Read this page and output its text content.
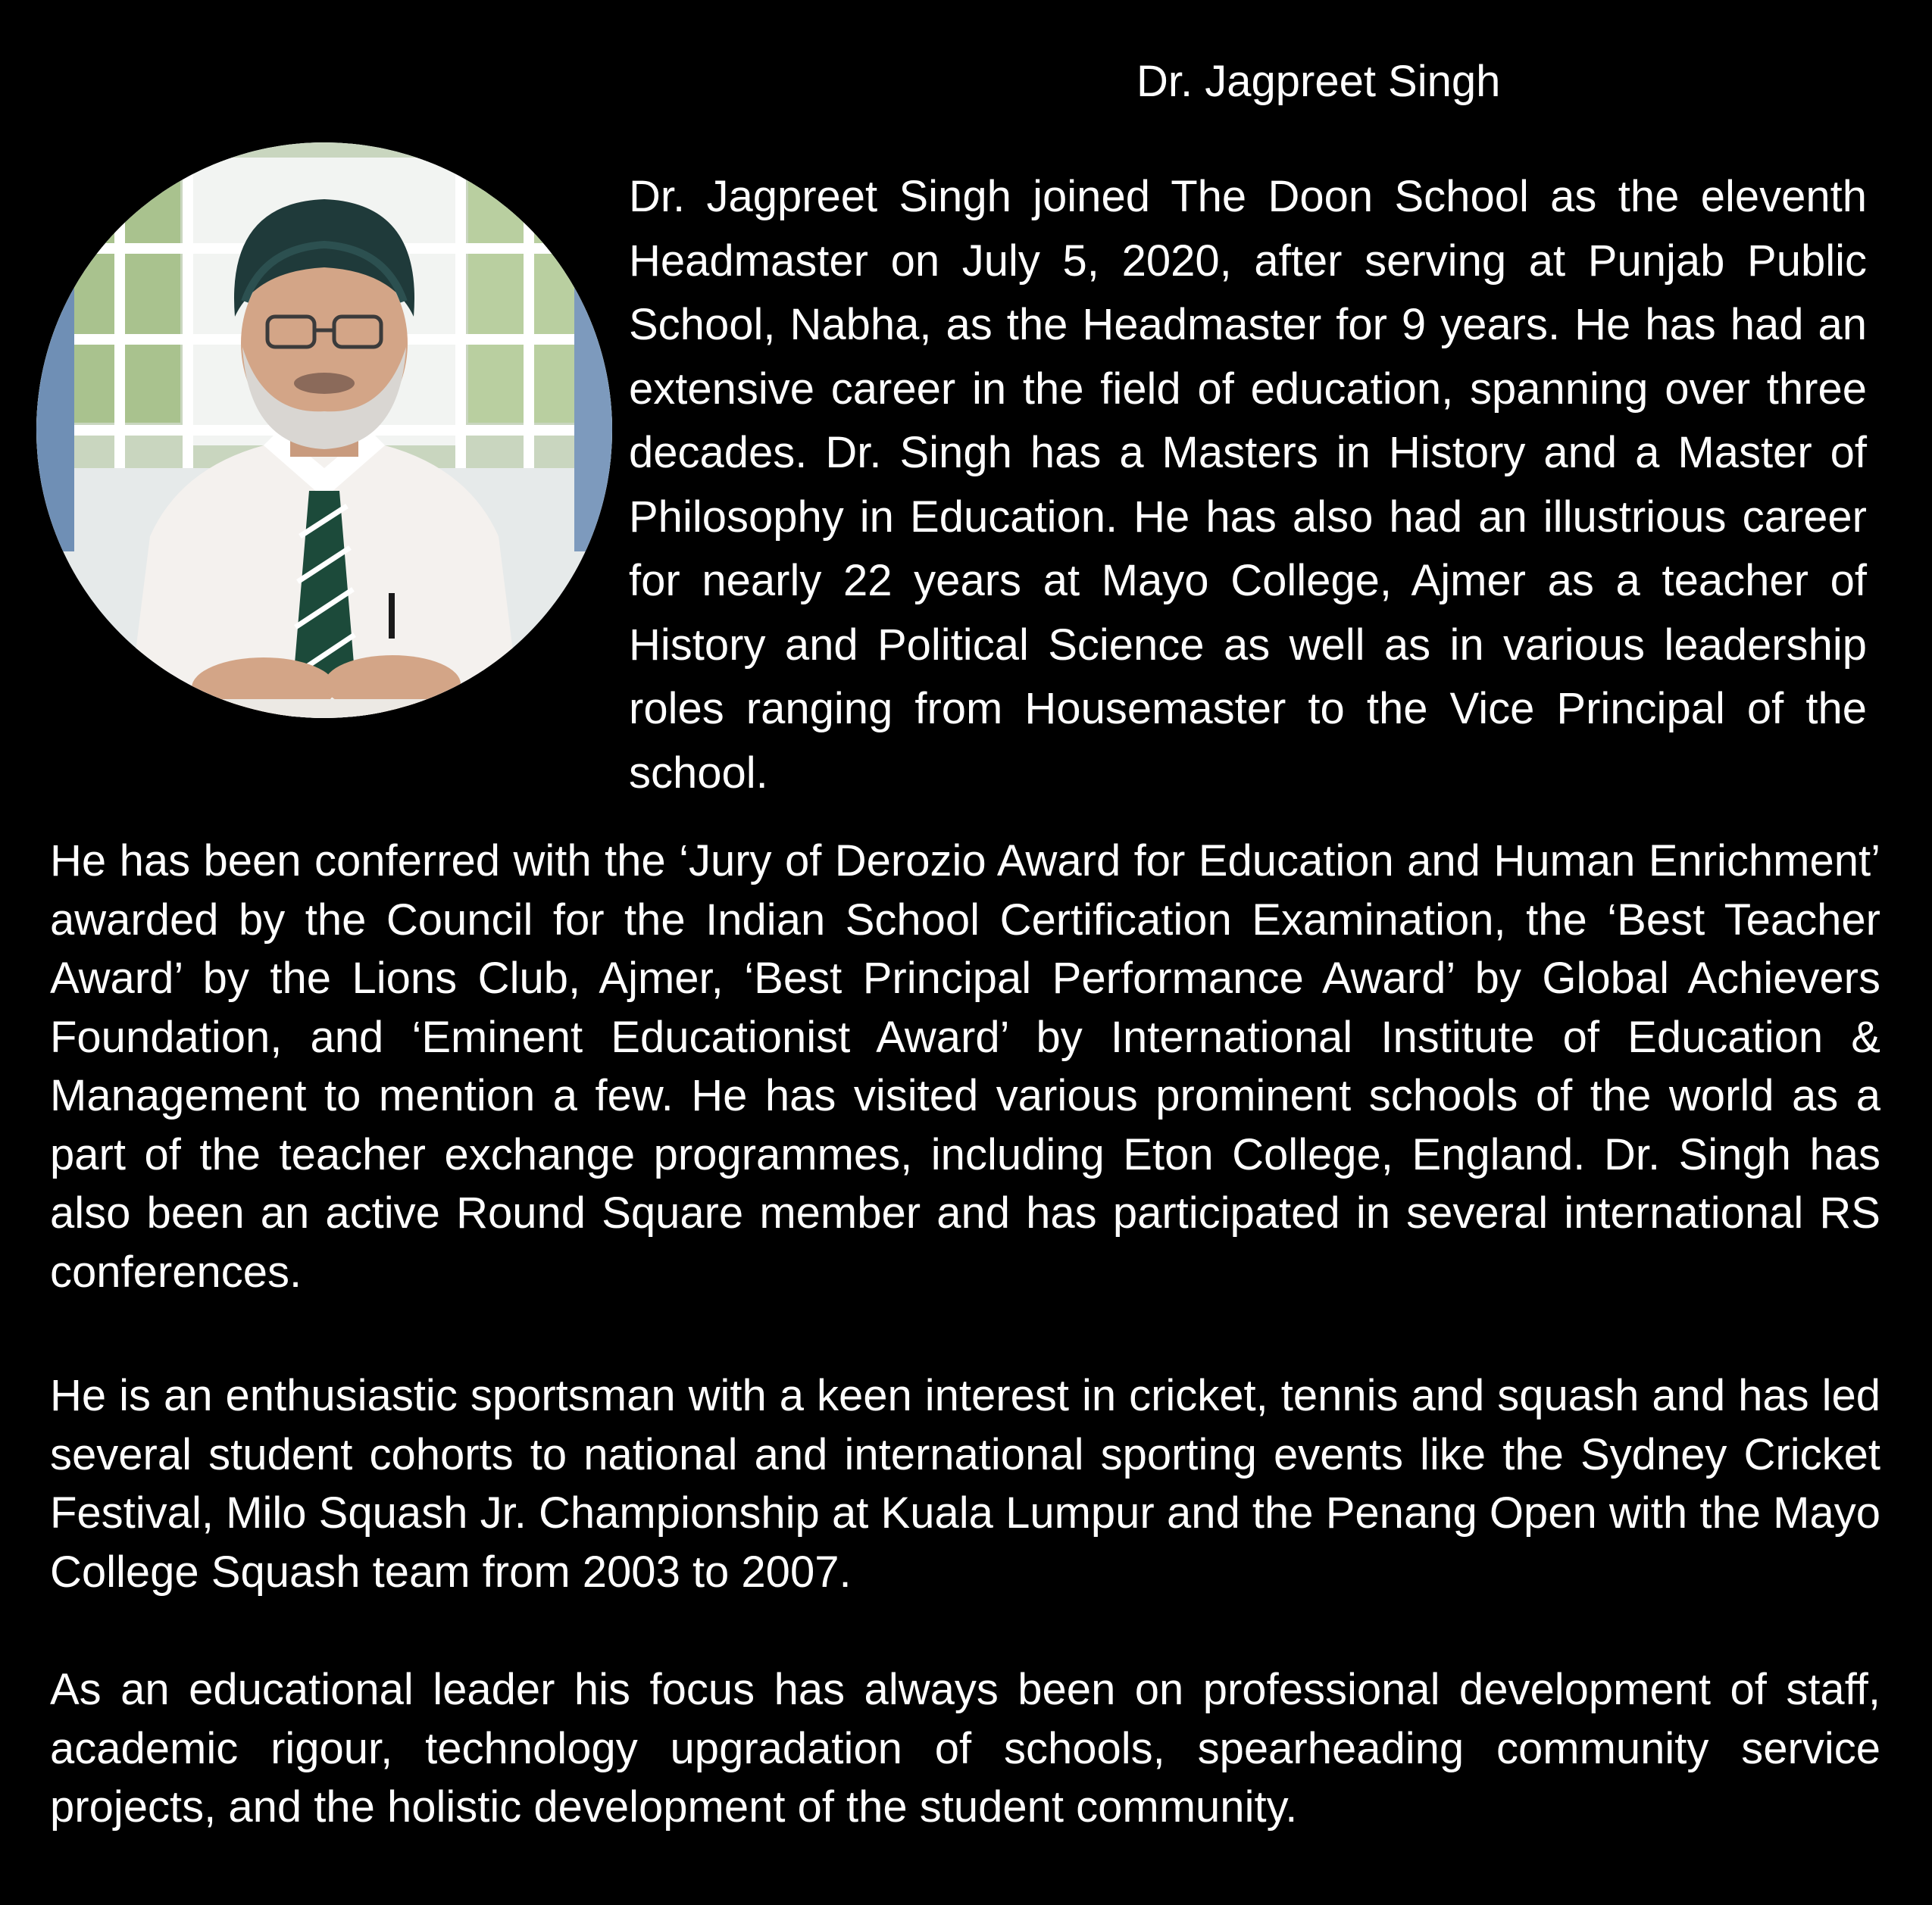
Dr. Jagpreet Singh

Dr. Jagpreet Singh joined The Doon School as the eleventh Headmaster on July 5, 2020, after serving at Punjab Public School, Nabha, as the Headmaster for 9 years. He has had an extensive career in the field of education, spanning over three decades. Dr. Singh has a Masters in History and a Master of Philosophy in Education. He has also had an illustrious career for nearly 22 years at Mayo College, Ajmer as a teacher of History and Political Science as well as in various leadership roles ranging from Housemaster to the Vice Principal of the school.

He has been conferred with the ‘Jury of Derozio Award for Education and Human Enrichment’ awarded by the Council for the Indian School Certification Examination, the ‘Best Teacher Award’ by the Lions Club, Ajmer, ‘Best Principal Performance Award’ by Global Achievers Foundation, and ‘Eminent Educationist Award’ by International Institute of Education & Management to mention a few. He has visited various prominent schools of the world as a part of the teacher exchange programmes, including Eton College, England. Dr. Singh has also been an active Round Square member and has participated in several international RS conferences.

He is an enthusiastic sportsman with a keen interest in cricket, tennis and squash and has led several student cohorts to national and international sporting events like the Sydney Cricket Festival, Milo Squash Jr. Championship at Kuala Lumpur and the Penang Open with the Mayo College Squash team from 2003 to 2007.

As an educational leader his focus has always been on professional development of staff, academic rigour, technology upgradation of schools, spearheading community service projects, and the holistic development of the student community.
